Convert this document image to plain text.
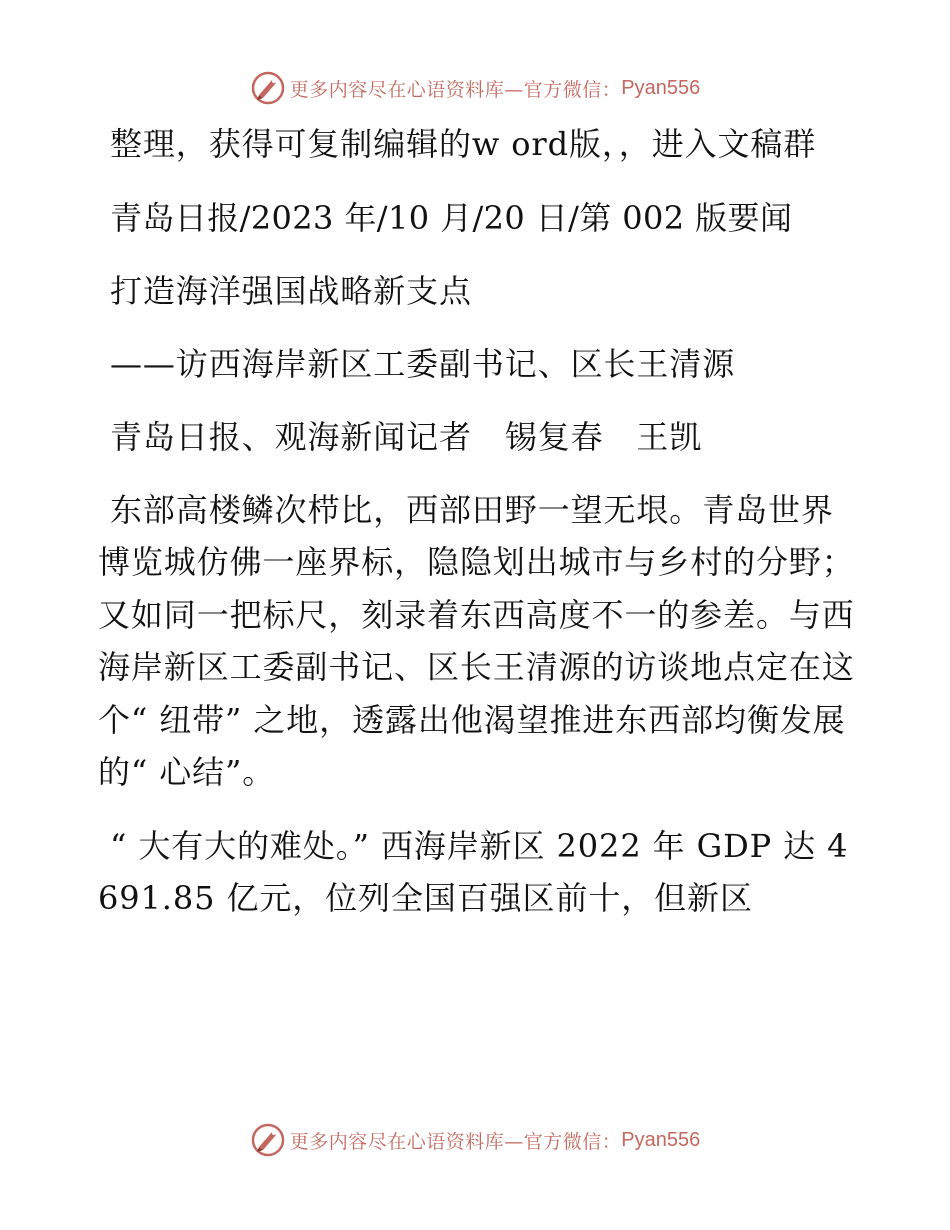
更多内容尽在心语资料库—官方微信： Pyan556

整理，获得可复制编辑的w ord版，，进入文稿群

青岛日报/2023 年/10 月/20 日/第 002 版要闻

打造海洋强国战略新支点

——访西海岸新区工委副书记、区长王清源

青岛日报、观海新闻记者　锡复春　王凯

东部高楼鳞次栉比，西部田野一望无垠。青岛世界博览城仿佛一座界标，隐隐划出城市与乡村的分野；又如同一把标尺，刻录着东西高度不一的参差。与西海岸新区工委副书记、区长王清源的访谈地点定在这个“ 纽带” 之地，透露出他渴望推进东西部均衡发展的“ 心结”。

“ 大有大的难处。” 西海岸新区 2022 年 GDP 达 4691.85 亿元，位列全国百强区前十，但新区

更多内容尽在心语资料库—官方微信： Pyan556
